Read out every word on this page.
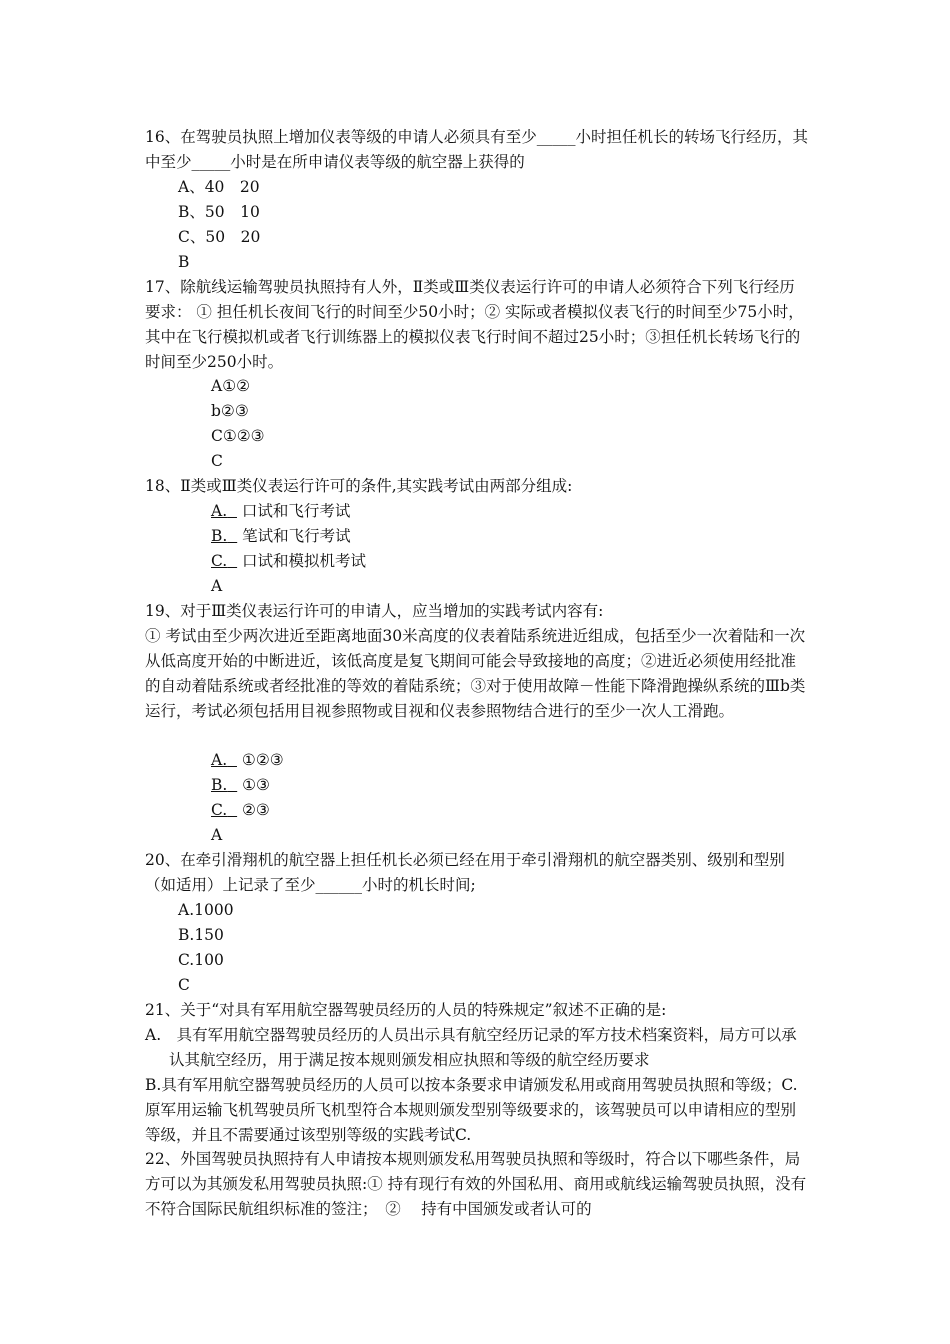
16、在驾驶员执照上增加仪表等级的申请人必须具有至少_____小时担任机长的转场飞行经历，其中至少_____小时是在所申请仪表等级的航空器上获得的

A、40　20

B、50　10

C、50　20

B

17、除航线运输驾驶员执照持有人外，Ⅱ类或Ⅲ类仪表运行许可的申请人必须符合下列飞行经历要求： ① 担任机长夜间飞行的时间至少50小时；② 实际或者模拟仪表飞行的时间至少75小时，其中在飞行模拟机或者飞行训练器上的模拟仪表飞行时间不超过25小时；③担任机长转场飞行的时间至少250小时。

A①②

b②③

C①②③

C

18、Ⅱ类或Ⅲ类仪表运行许可的条件,其实践考试由两部分组成:

A. 口试和飞行考试

B. 笔试和飞行考试

C. 口试和模拟机考试

A

19、对于Ⅲ类仪表运行许可的申请人，应当增加的实践考试内容有:

① 考试由至少两次进近至距离地面30米高度的仪表着陆系统进近组成，包括至少一次着陆和一次从低高度开始的中断进近，该低高度是复飞期间可能会导致接地的高度；②进近必须使用经批准的自动着陆系统或者经批准的等效的着陆系统；③对于使用故障－性能下降滑跑操纵系统的Ⅲb类运行，考试必须包括用目视参照物或目视和仪表参照物结合进行的至少一次人工滑跑。

A. ①②③

B. ①③

C. ②③

A

20、在牵引滑翔机的航空器上担任机长必须已经在用于牵引滑翔机的航空器类别、级别和型别（如适用）上记录了至少______小时的机长时间;

A.1000

B.150

C.100

C

21、关于“对具有军用航空器驾驶员经历的人员的特殊规定”叙述不正确的是:

A.　具有军用航空器驾驶员经历的人员出示具有航空经历记录的军方技术档案资料，局方可以承认其航空经历，用于满足按本规则颁发相应执照和等级的航空经历要求

B.具有军用航空器驾驶员经历的人员可以按本条要求申请颁发私用或商用驾驶员执照和等级；C.原军用运输飞机驾驶员所飞机型符合本规则颁发型别等级要求的，该驾驶员可以申请相应的型别等级，并且不需要通过该型别等级的实践考试C.

22、外国驾驶员执照持有人申请按本规则颁发私用驾驶员执照和等级时，符合以下哪些条件，局方可以为其颁发私用驾驶员执照:① 持有现行有效的外国私用、商用或航线运输驾驶员执照，没有不符合国际民航组织标准的签注；　②　 持有中国颁发或者认可的
